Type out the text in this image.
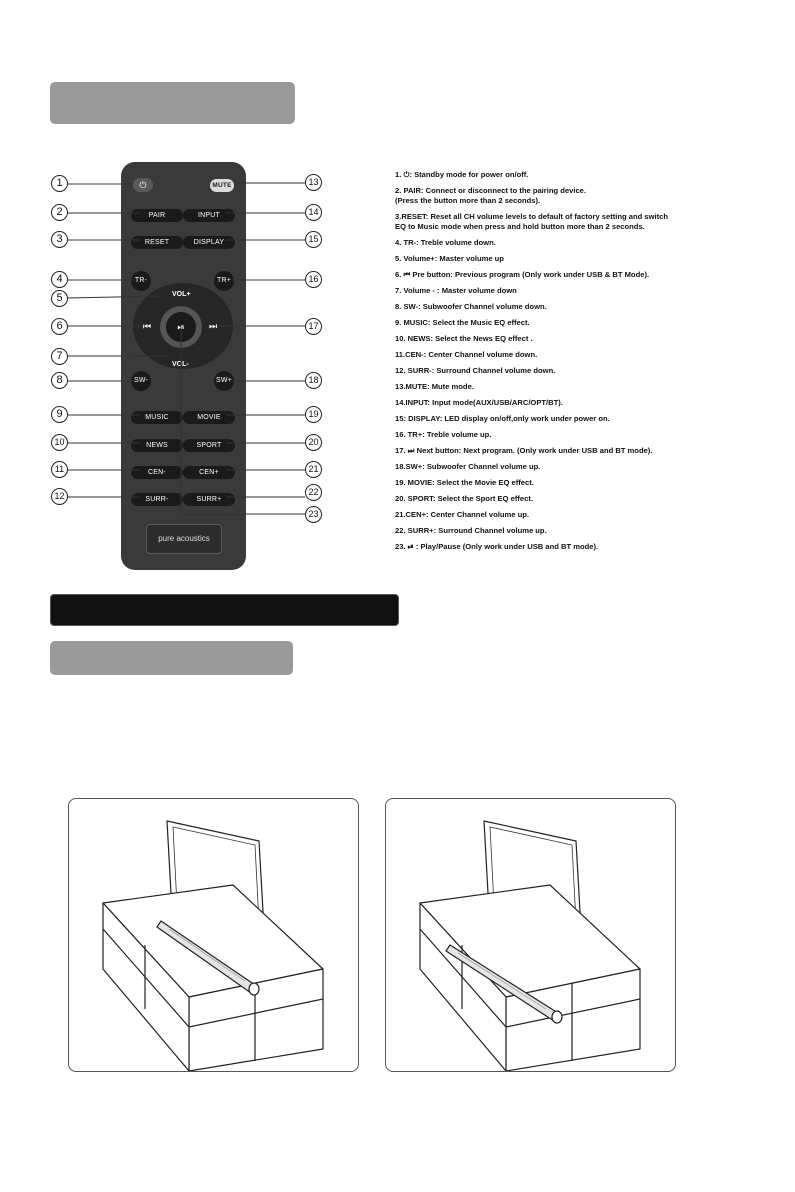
⏻	MUTE
PAIR	INPUT
RESET	DISPLAY
TR-	TR+
VOL+
VOL-
⏮	⏭
⏯
SW-	SW+
MUSIC	MOVIE
NEWS	SPORT
CEN-	CEN+
SURR-	SURR+
pure acoustics
1
2
3
4
5
6
7
8
9
10
11
12
13
14
15
16
17
18
19
20
21
22
23
1. ⏻: Standby mode for power on/off.
2. PAIR: Connect or disconnect to the pairing device.
(Press the button more than 2 seconds).
3.RESET: Reset all CH volume levels to default of factory setting and switch
EQ to Music mode when press and hold button more than 2 seconds.
4. TR-: Treble volume down.
5. Volume+: Master volume up
6. ⏮ Pre button: Previous program (Only work under USB & BT Mode).
7. Volume - : Master volume down
8. SW-: Subwoofer Channel volume down.
9. MUSIC: Select the Music EQ effect.
10. NEWS: Select the News EQ effect .
11.CEN-: Center Channel volume down.
12. SURR-: Surround Channel volume down.
13.MUTE: Mute mode.
14.INPUT: Input mode(AUX/USB/ARC/OPT/BT).
15: DISPLAY: LED display on/off,only work under power on.
16. TR+: Treble volume up.
17. ⏭ Next button: Next program. (Only work under USB and BT mode).
18.SW+: Subwoofer Channel volume up.
19. MOVIE: Select the Movie EQ effect.
20. SPORT: Select the Sport EQ effect.
21.CEN+: Center Channel volume up.
22. SURR+: Surround Channel volume up.
23. ⏯ : Play/Pause (Only work under USB and BT mode).
